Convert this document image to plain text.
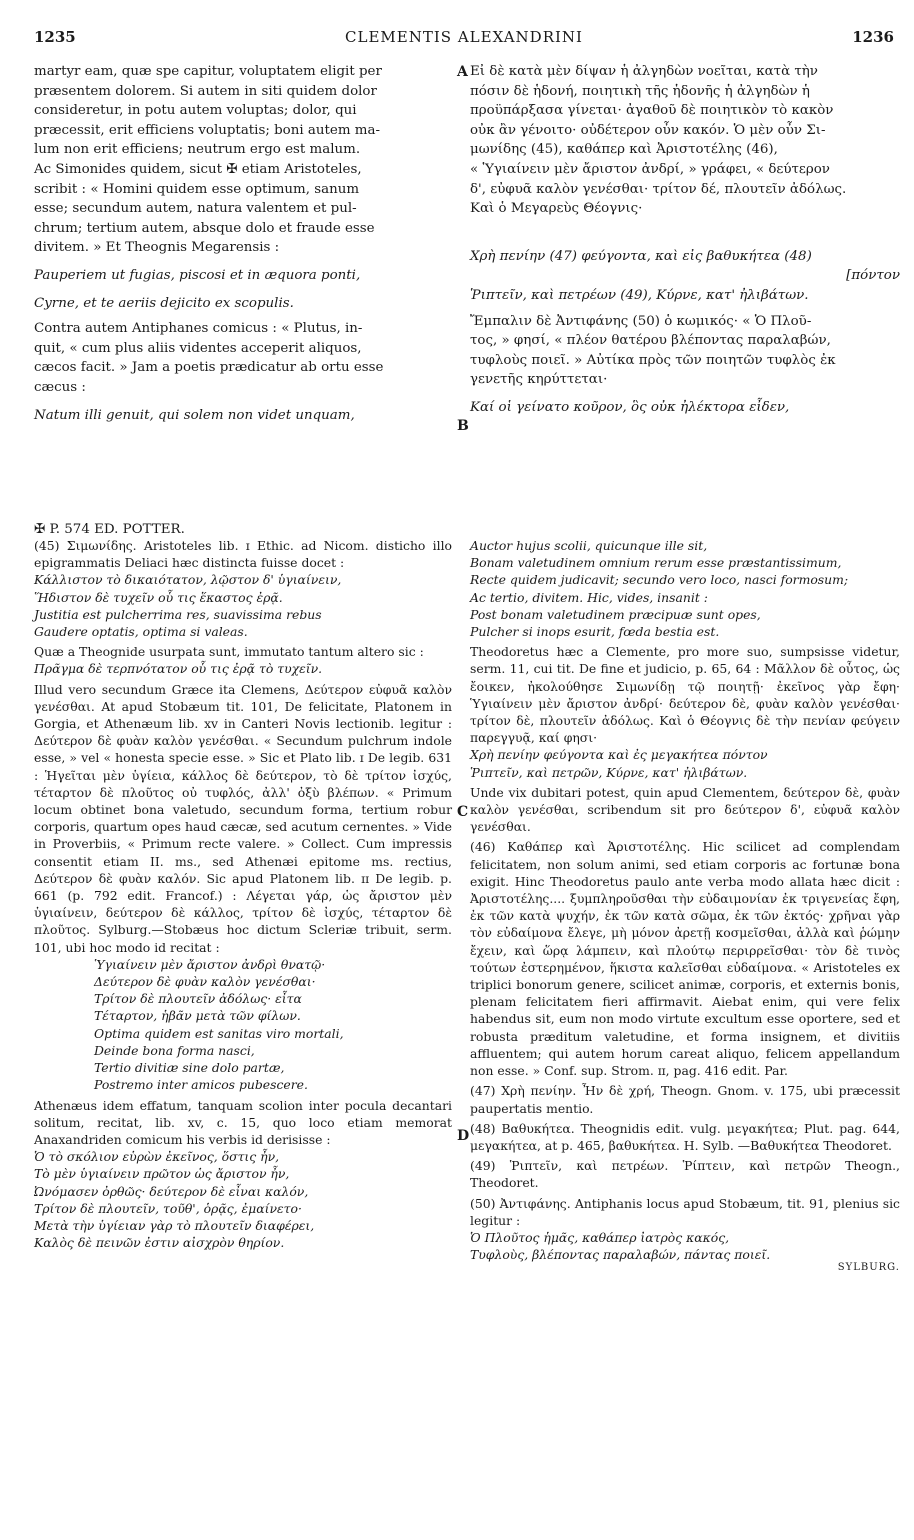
1235	CLEMENTIS ALEXANDRINI	1236
A
B
C
D

martyr eam, quæ spe capitur, voluptatem eligit per

præsentem dolorem. Si autem in siti quidem dolor

consideretur, in potu autem voluptas; dolor, qui

præcessit, erit efficiens voluptatis; boni autem ma-

lum non erit efficiens; neutrum ergo est malum.

Ac Simonides quidem, sicut ✠ etiam Aristoteles,

scribit : « Homini quidem esse optimum, sanum

esse; secundum autem, natura valentem et pul-

chrum; tertium autem, absque dolo et fraude esse

divitem. » Et Theognis Megarensis :

Pauperiem ut fugias, piscosi et in æquora ponti,

Cyrne, et te aeriis dejicito ex scopulis.

Contra autem Antiphanes comicus : « Plutus, in-

quit, « cum plus aliis videntes acceperit aliquos,

cæcos facit. » Jam a poetis prædicatur ab ortu esse

cæcus :

Natum illi genuit, qui solem non videt unquam,

Εἰ δὲ κατὰ μὲν δίψαν ἡ ἀλγηδὼν νοεῖται, κατὰ τὴν

πόσιν δὲ ἡδονή, ποιητικὴ τῆς ἡδονῆς ἡ ἀλγηδὼν ἡ

προϋπάρξασα γίνεται· ἀγαθοῦ δὲ ποιητικὸν τὸ κακὸν

οὐκ ἂν γένοιτο· οὐδέτερον οὖν κακόν. Ὁ μὲν οὖν Σι-

μωνίδης (45), καθάπερ καὶ Ἀριστοτέλης (46),

« Ὑγιαίνειν μὲν ἄριστον ἀνδρί, » γράφει, « δεύτερον

δ', εὐφυᾶ καλὸν γενέσθαι· τρίτον δέ, πλουτεῖν ἀδόλως.

Καὶ ὁ Μεγαρεὺς Θέογνις·

Χρὴ πενίην (47) φεύγοντα, καὶ εἰς βαθυκήτεα (48)

[πόντον

Ῥιπτεῖν, καὶ πετρέων (49), Κύρνε, κατ' ἠλιβάτων.

Ἔμπαλιν δὲ Ἀντιφάνης (50) ὁ κωμικός· « Ὁ Πλοῦ-

τος, » φησί, « πλέον θατέρου βλέποντας παραλαβών,

τυφλοὺς ποιεῖ. » Αὐτίκα πρὸς τῶν ποιητῶν τυφλὸς ἐκ

γενετῆς κηρύττεται·

Καί οἱ γείνατο κοῦρον, ὃς οὐκ ἠλέκτορα εἶδεν,

✠ P. 574 ED. POTTER.

(45) Σιμωνίδης. Aristoteles lib. ɪ Ethic. ad Nicom. disticho illo epigrammatis Deliaci hæc distincta fuisse docet :

Κάλλιστον τὸ δικαιότατον, λῷστον δ' ὑγιαίνειν,

Ἥδιστον δὲ τυχεῖν οὗ τις ἕκαστος ἐρᾷ.

Justitia est pulcherrima res, suavissima rebus

Gaudere optatis, optima si valeas.

Quæ a Theognide usurpata sunt, immutato tantum altero sic :

Πρᾶγμα δὲ τερπνότατον οὗ τις ἐρᾷ τὸ τυχεῖν.

Illud vero secundum Græce ita Clemens, Δεύτερον εὐφυᾶ καλὸν γενέσθαι. At apud Stobæum tit. 101, De felicitate, Platonem in Gorgia, et Athenæum lib. xv in Canteri Novis lectionib. legitur : Δεύτερον δὲ φυὰν καλὸν γενέσθαι. « Secundum pulchrum indole esse, » vel « honesta specie esse. » Sic et Plato lib. ɪ De legib. 631 : Ἡγεῖται μὲν ὑγίεια, κάλλος δὲ δεύτερον, τὸ δὲ τρίτον ἰσχύς, τέταρτον δὲ πλοῦτος οὐ τυφλός, ἀλλ' ὀξὺ βλέπων. « Primum locum obtinet bona valetudo, secundum forma, tertium robur corporis, quartum opes haud cæcæ, sed acutum cernentes. » Vide in Proverbiis, « Primum recte valere. » Collect. Cum impressis consentit etiam II. ms., sed Athenæi epitome ms. rectius, Δεύτερον δὲ φυὰν καλόν. Sic apud Platonem lib. ɪɪ De legib. p. 661 (p. 792 edit. Francof.) : Λέγεται γάρ, ὡς ἄριστον μὲν ὑγιαίνειν, δεύτερον δὲ κάλλος, τρίτον δὲ ἰσχύς, τέταρτον δὲ πλοῦτος. Sylburg.—Stobæus hoc dictum Scleriæ tribuit, serm. 101, ubi hoc modo id recitat :

Ὑγιαίνειν μὲν ἄριστον ἀνδρὶ θνατῷ·

Δεύτερον δὲ φυὰν καλὸν γενέσθαι·

Τρίτον δὲ πλουτεῖν ἀδόλως· εἶτα

Τέταρτον, ἡβᾶν μετὰ τῶν φίλων.

Optima quidem est sanitas viro mortali,

Deinde bona forma nasci,

Tertio divitiæ sine dolo partæ,

Postremo inter amicos pubescere.

Athenæus idem effatum, tanquam scolion inter pocula decantari solitum, recitat, lib. xv, c. 15, quo loco etiam memorat Anaxandriden comicum his verbis id derisisse :

Ὁ τὸ σκόλιον εὑρὼν ἐκεῖνος, ὅστις ἦν,

Τὸ μὲν ὑγιαίνειν πρῶτον ὡς ἄριστον ἦν,

Ὠνόμασεν ὀρθῶς· δεύτερον δὲ εἶναι καλόν,

Τρίτον δὲ πλουτεῖν, τοῦθ', ὁρᾷς, ἐμαίνετο·

Μετὰ τὴν ὑγίειαν γὰρ τὸ πλουτεῖν διαφέρει,

Καλὸς δὲ πεινῶν ἐστιν αἰσχρὸν θηρίον.

Auctor hujus scolii, quicunque ille sit,

Bonam valetudinem omnium rerum esse præstantissimum,

Recte quidem judicavit; secundo vero loco, nasci formosum;

Ac tertio, divitem. Hic, vides, insanit :

Post bonam valetudinem præcipuæ sunt opes,

Pulcher si inops esurit, fœda bestia est.

Theodoretus hæc a Clemente, pro more suo, sumpsisse videtur, serm. 11, cui tit. De fine et judicio, p. 65, 64 : Μᾶλλον δὲ οὗτος, ὡς ἔοικεν, ἠκολούθησε Σιμωνίδῃ τῷ ποιητῇ· ἐκεῖνος γὰρ ἔφη· Ὑγιαίνειν μὲν ἄριστον ἀνδρί· δεύτερον δὲ, φυὰν καλὸν γενέσθαι· τρίτον δὲ, πλουτεῖν ἀδόλως. Καὶ ὁ Θέογνις δὲ τὴν πενίαν φεύγειν παρεγγυᾷ, καί φησι·

Χρὴ πενίην φεύγοντα καὶ ἐς μεγακήτεα πόντον

Ῥιπτεῖν, καὶ πετρῶν, Κύρνε, κατ' ἠλιβάτων.

Unde vix dubitari potest, quin apud Clementem, δεύτερον δὲ, φυὰν καλὸν γενέσθαι, scribendum sit pro δεύτερον δ', εὐφυᾶ καλὸν γενέσθαι.

(46) Καθάπερ καὶ Ἀριστοτέλης. Hic scilicet ad complendam felicitatem, non solum animi, sed etiam corporis ac fortunæ bona exigit. Hinc Theodoretus paulo ante verba modo allata hæc dicit : Ἀριστοτέλης.... ξυμπληροῦσθαι τὴν εὐδαιμονίαν ἐκ τριγενείας ἔφη, ἐκ τῶν κατὰ ψυχήν, ἐκ τῶν κατὰ σῶμα, ἐκ τῶν ἐκτός· χρῆναι γὰρ τὸν εὐδαίμονα ἔλεγε, μὴ μόνον ἀρετῇ κοσμεῖσθαι, ἀλλὰ καὶ ῥώμην ἔχειν, καὶ ὥρᾳ λάμπειν, καὶ πλούτῳ περιρρεῖσθαι· τὸν δὲ τινὸς τούτων ἐστερημένον, ἥκιστα καλεῖσθαι εὐδαίμονα. « Aristoteles ex triplici bonorum genere, scilicet animæ, corporis, et externis bonis, plenam felicitatem fieri affirmavit. Aiebat enim, qui vere felix habendus sit, eum non modo virtute excultum esse oportere, sed et robusta præditum valetudine, et forma insignem, et divitiis affluentem; qui autem horum careat aliquo, felicem appellandum non esse. » Conf. sup. Strom. ɪɪ, pag. 416 edit. Par.

(47) Χρὴ πενίην. Ἦν δὲ χρή, Theogn. Gnom. v. 175, ubi præcessit paupertatis mentio.

(48) Βαθυκήτεα. Theognidis edit. vulg. μεγακήτεα; Plut. pag. 644, μεγακήτεα, at p. 465, βαθυκήτεα. H. Sylb. —Βαθυκήτεα Theodoret.

(49) Ῥιπτεῖν, καὶ πετρέων. Ῥίπτειν, καὶ πετρῶν Theogn., Theodoret.

(50) Ἀντιφάνης. Antiphanis locus apud Stobæum, tit. 91, plenius sic legitur :

Ὁ Πλοῦτος ἡμᾶς, καθάπερ ἰατρὸς κακός,

Τυφλοὺς, βλέποντας παραλαβών, πάντας ποιεῖ.

SYLBURG.
